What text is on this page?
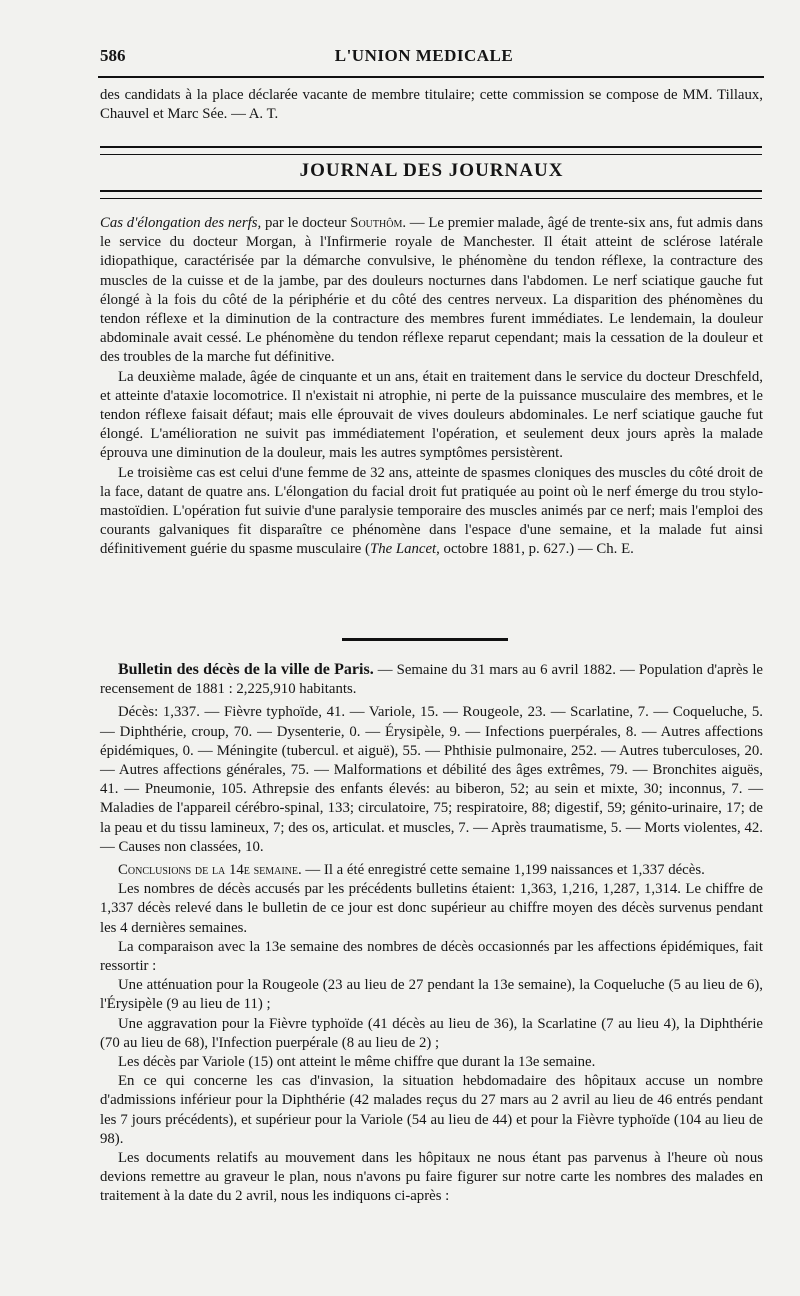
586	L'UNION MEDICALE

des candidats à la place déclarée vacante de membre titulaire; cette commission se compose de MM. Tillaux, Chauvel et Marc Sée. — A. T.

JOURNAL DES JOURNAUX

Cas d'élongation des nerfs, par le docteur Southôm. — Le premier malade, âgé de trente-six ans, fut admis dans le service du docteur Morgan, à l'Infirmerie royale de Manchester. Il était atteint de sclérose latérale idiopathique, caractérisée par la démarche convulsive, le phénomène du tendon réflexe, la contracture des muscles de la cuisse et de la jambe, par des douleurs nocturnes dans l'abdomen. Le nerf sciatique gauche fut élongé à la fois du côté de la périphérie et du côté des centres nerveux. La disparition des phénomènes du tendon réflexe et la diminution de la contracture des membres furent immédiates. Le lendemain, la douleur abdominale avait cessé. Le phénomène du tendon réflexe reparut cependant; mais la cessation de la douleur et des troubles de la marche fut définitive.

La deuxième malade, âgée de cinquante et un ans, était en traitement dans le service du docteur Dreschfeld, et atteinte d'ataxie locomotrice. Il n'existait ni atrophie, ni perte de la puissance musculaire des membres, et le tendon réflexe faisait défaut; mais elle éprouvait de vives douleurs abdominales. Le nerf sciatique gauche fut élongé. L'amélioration ne suivit pas immédiatement l'opération, et seulement deux jours après la malade éprouva une diminution de la douleur, mais les autres symptômes persistèrent.

Le troisième cas est celui d'une femme de 32 ans, atteinte de spasmes cloniques des muscles du côté droit de la face, datant de quatre ans. L'élongation du facial droit fut pratiquée au point où le nerf émerge du trou stylo-mastoïdien. L'opération fut suivie d'une paralysie temporaire des muscles animés par ce nerf; mais l'emploi des courants galvaniques fit disparaître ce phénomène dans l'espace d'une semaine, et la malade fut ainsi définitivement guérie du spasme musculaire (The Lancet, octobre 1881, p. 627.) — Ch. E.

Bulletin des décès de la ville de Paris. — Semaine du 31 mars au 6 avril 1882. — Population d'après le recensement de 1881 : 2,225,910 habitants.

Décès: 1,337. — Fièvre typhoïde, 41. — Variole, 15. — Rougeole, 23. — Scarlatine, 7. — Coqueluche, 5. — Diphthérie, croup, 70. — Dysenterie, 0. — Érysipèle, 9. — Infections puerpérales, 8. — Autres affections épidémiques, 0. — Méningite (tubercul. et aiguë), 55. — Phthisie pulmonaire, 252. — Autres tuberculoses, 20. — Autres affections générales, 75. — Malformations et débilité des âges extrêmes, 79. — Bronchites aiguës, 41. — Pneumonie, 105. Athrepsie des enfants élevés: au biberon, 52; au sein et mixte, 30; inconnus, 7. — Maladies de l'appareil cérébro-spinal, 133; circulatoire, 75; respiratoire, 88; digestif, 59; génito-urinaire, 17; de la peau et du tissu lamineux, 7; des os, articulat. et muscles, 7. — Après traumatisme, 5. — Morts violentes, 42. — Causes non classées, 10.

Conclusions de la 14e semaine. — Il a été enregistré cette semaine 1,199 naissances et 1,337 décès.

Les nombres de décès accusés par les précédents bulletins étaient: 1,363, 1,216, 1,287, 1,314. Le chiffre de 1,337 décès relevé dans le bulletin de ce jour est donc supérieur au chiffre moyen des décès survenus pendant les 4 dernières semaines.

La comparaison avec la 13e semaine des nombres de décès occasionnés par les affections épidémiques, fait ressortir :

Une atténuation pour la Rougeole (23 au lieu de 27 pendant la 13e semaine), la Coqueluche (5 au lieu de 6), l'Érysipèle (9 au lieu de 11) ;

Une aggravation pour la Fièvre typhoïde (41 décès au lieu de 36), la Scarlatine (7 au lieu 4), la Diphthérie (70 au lieu de 68), l'Infection puerpérale (8 au lieu de 2) ;

Les décès par Variole (15) ont atteint le même chiffre que durant la 13e semaine.

En ce qui concerne les cas d'invasion, la situation hebdomadaire des hôpitaux accuse un nombre d'admissions inférieur pour la Diphthérie (42 malades reçus du 27 mars au 2 avril au lieu de 46 entrés pendant les 7 jours précédents), et supérieur pour la Variole (54 au lieu de 44) et pour la Fièvre typhoïde (104 au lieu de 98).

Les documents relatifs au mouvement dans les hôpitaux ne nous étant pas parvenus à l'heure où nous devions remettre au graveur le plan, nous n'avons pu faire figurer sur notre carte les nombres des malades en traitement à la date du 2 avril, nous les indiquons ci-après :
